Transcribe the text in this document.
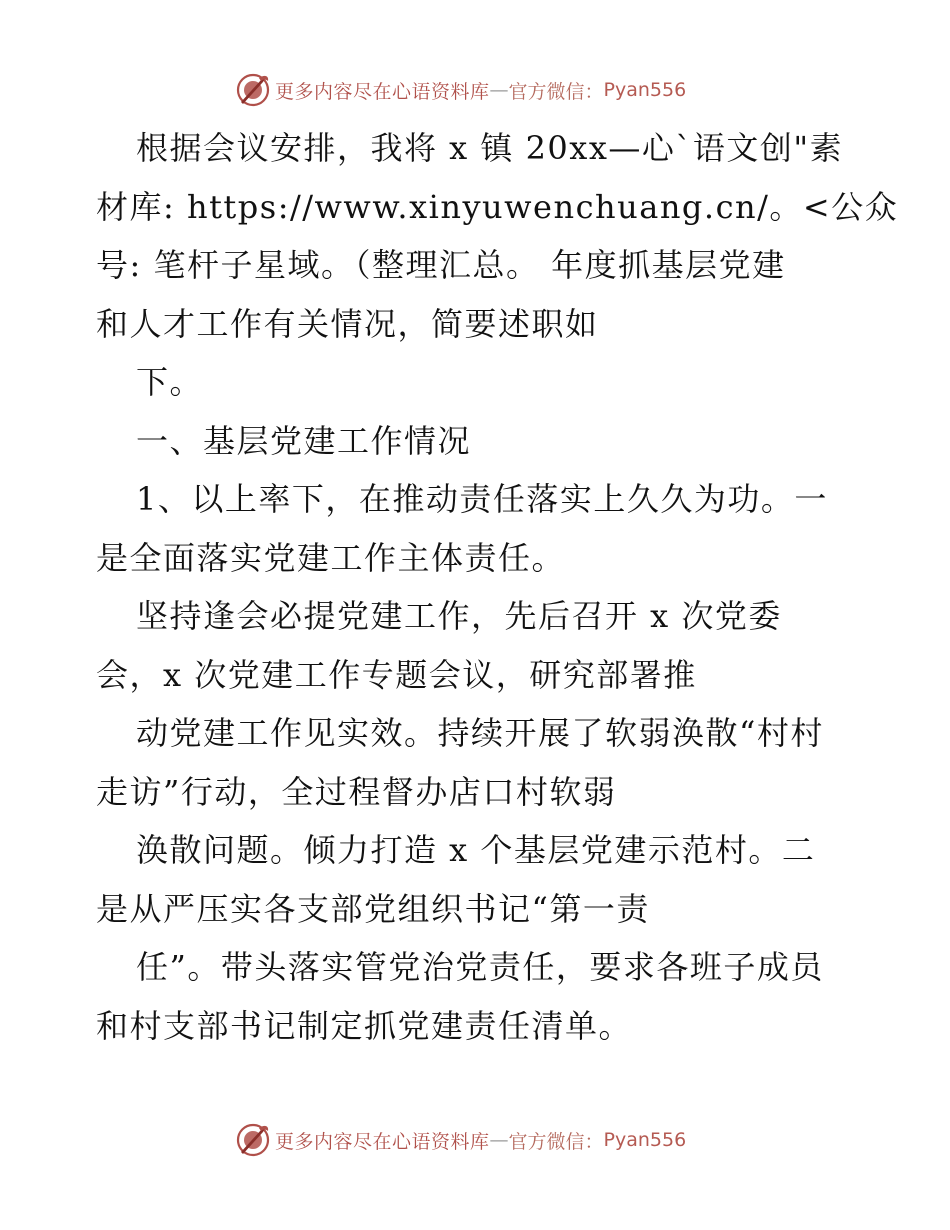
更多内容尽在心语资料库 — 官方微信： Pyan556
根据会议安排，我将 x 镇 20xx—心`语文创"素
材库: https://www.xinyuwenchuang.cn/。<公众
号: 笔杆子星域。（整理汇总。 年度抓基层党建
和人才工作有关情况，简要述职如
下。
一、基层党建工作情况
1、以上率下，在推动责任落实上久久为功。一
是全面落实党建工作主体责任。
坚持逢会必提党建工作，先后召开 x 次党委
会，x 次党建工作专题会议，研究部署推
动党建工作见实效。持续开展了软弱涣散“村村
走访”行动，全过程督办店口村软弱
涣散问题。倾力打造 x 个基层党建示范村。二
是从严压实各支部党组织书记“第一责
任”。带头落实管党治党责任，要求各班子成员
和村支部书记制定抓党建责任清单。
更多内容尽在心语资料库 — 官方微信： Pyan556
